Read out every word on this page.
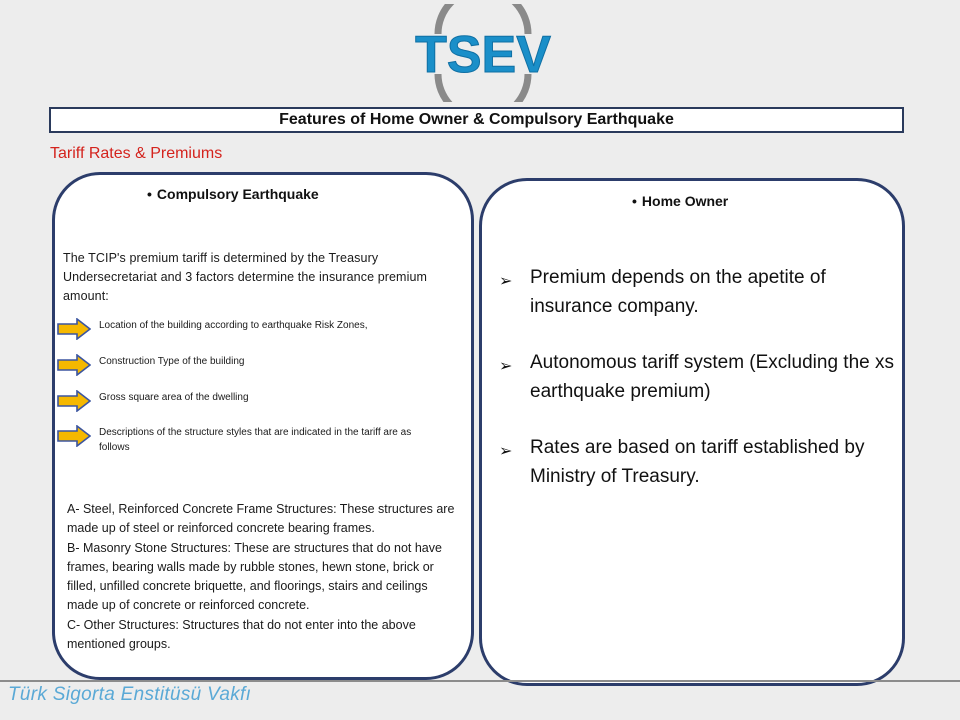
TSEV
Features of Home Owner & Compulsory Earthquake
Tariff Rates & Premiums
• Compulsory Earthquake
The TCIP's premium tariff is determined by the Treasury Undersecretariat and 3 factors determine the insurance premium amount:
Location of the building according to earthquake Risk Zones,
Construction Type of the building
Gross square area of the dwelling
Descriptions of the structure styles that are indicated in the tariff are as follows

A- Steel, Reinforced Concrete Frame Structures: These structures are made up of steel or reinforced concrete bearing frames.

B- Masonry Stone Structures: These are structures that do not have frames, bearing walls made by rubble stones, hewn stone, brick or filled, unfilled concrete briquette, and floorings, stairs and ceilings made up of concrete or reinforced concrete.

C- Other Structures: Structures that do not enter into the above mentioned groups.

• Home Owner
➢ Premium depends on the apetite of insurance company.
➢ Autonomous tariff system (Excluding the xs earthquake premium)
➢ Rates are based on tariff established by Ministry of Treasury.
Türk Sigorta Enstitüsü Vakfı
